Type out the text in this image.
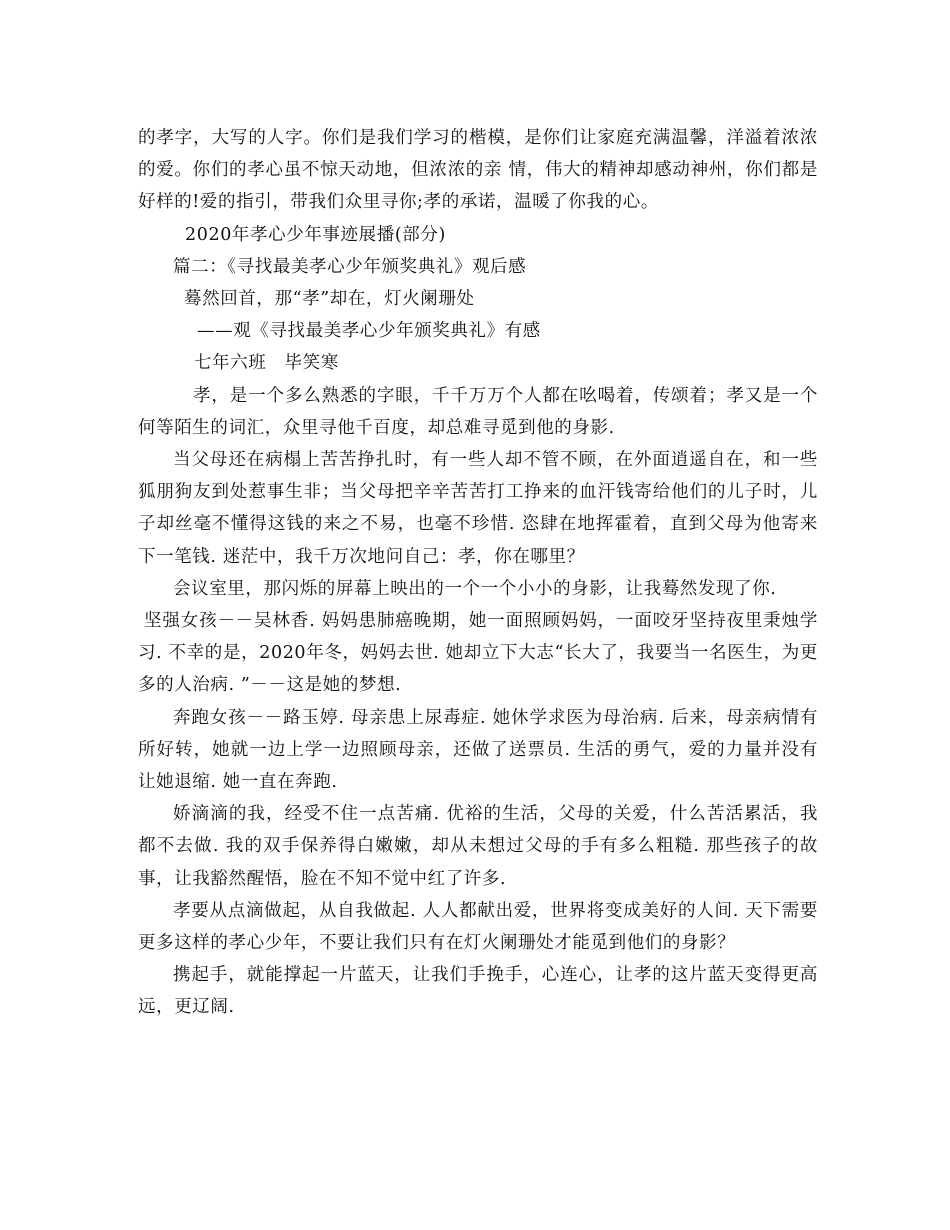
的孝字，大写的人字。你们是我们学习的楷模，是你们让家庭充满温馨，洋溢着浓浓的爱。你们的孝心虽不惊天动地，但浓浓的亲 情，伟大的精神却感动神州，你们都是好样的!爱的指引，带我们众里寻你;孝的承诺，温暖了你我的心。

2020年孝心少年事迹展播(部分)

篇二：《寻找最美孝心少年颁奖典礼》观后感

蓦然回首，那“孝”却在，灯火阑珊处

——观《寻找最美孝心少年颁奖典礼》有感

七年六班　毕笑寒

孝，是一个多么熟悉的字眼，千千万万个人都在吆喝着，传颂着；孝又是一个何等陌生的词汇，众里寻他千百度，却总难寻觅到他的身影.

当父母还在病榻上苦苦挣扎时，有一些人却不管不顾，在外面逍遥自在，和一些狐朋狗友到处惹事生非；当父母把辛辛苦苦打工挣来的血汗钱寄给他们的儿子时，儿子却丝毫不懂得这钱的来之不易，也毫不珍惜. 恣肆在地挥霍着，直到父母为他寄来下一笔钱. 迷茫中，我千万次地问自己：孝，你在哪里？

会议室里，那闪烁的屏幕上映出的一个一个小小的身影，让我蓦然发现了你.

坚强女孩－－吴林香. 妈妈患肺癌晚期，她一面照顾妈妈，一面咬牙坚持夜里秉烛学习. 不幸的是，2020年冬，妈妈去世. 她却立下大志“长大了，我要当一名医生，为更多的人治病. ”－－这是她的梦想.

奔跑女孩－－路玉婷. 母亲患上尿毒症. 她休学求医为母治病. 后来，母亲病情有所好转，她就一边上学一边照顾母亲，还做了送票员. 生活的勇气，爱的力量并没有让她退缩. 她一直在奔跑.

娇滴滴的我，经受不住一点苦痛. 优裕的生活，父母的关爱，什么苦活累活，我都不去做. 我的双手保养得白嫩嫩，却从未想过父母的手有多么粗糙. 那些孩子的故事，让我豁然醒悟，脸在不知不觉中红了许多.

孝要从点滴做起，从自我做起. 人人都献出爱，世界将变成美好的人间. 天下需要更多这样的孝心少年，不要让我们只有在灯火阑珊处才能觅到他们的身影？

携起手，就能撑起一片蓝天，让我们手挽手，心连心，让孝的这片蓝天变得更高远，更辽阔.
